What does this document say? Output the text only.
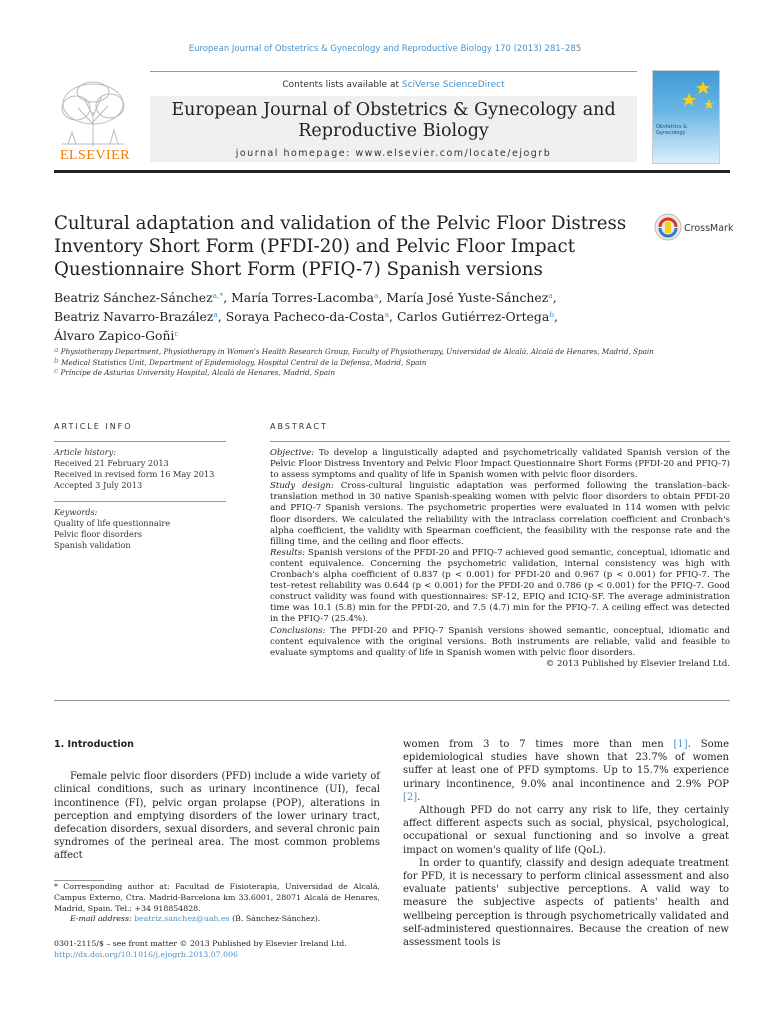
European Journal of Obstetrics & Gynecology and Reproductive Biology 170 (2013) 281–285
ELSEVIER
Contents lists available at SciVerse ScienceDirect
European Journal of Obstetrics & Gynecology and Reproductive Biology
journal homepage: www.elsevier.com/locate/ejogrb
Obstetrics & Gynecology
Cultural adaptation and validation of the Pelvic Floor Distress Inventory Short Form (PFDI-20) and Pelvic Floor Impact Questionnaire Short Form (PFIQ-7) Spanish versions
CrossMark
Beatriz Sánchez-Sánchez$^{a,*}$, María Torres-Lacomba$^a$, María José Yuste-Sánchez$^a$,
Beatriz Navarro-Brazález$^a$, Soraya Pacheco-da-Costa$^a$, Carlos Gutiérrez-Ortega$^b$,
Álvaro Zapico-Goñi$^c$
$^a$ Physiotherapy Department, Physiotherapy in Women's Health Research Group, Faculty of Physiotherapy, Universidad de Alcalá, Alcalá de Henares, Madrid, Spain
$^b$ Medical Statistics Unit, Department of Epidemiology, Hospital Central de la Defensa, Madrid, Spain
$^c$ Príncipe de Asturias University Hospital, Alcalá de Henares, Madrid, Spain
ARTICLE INFO
Article history:
Received 21 February 2013
Received in revised form 16 May 2013
Accepted 3 July 2013
Keywords:
Quality of life questionnaire
Pelvic floor disorders
Spanish validation
ABSTRACT

Objective: To develop a linguistically adapted and psychometrically validated Spanish version of the Pelvic Floor Distress Inventory and Pelvic Floor Impact Questionnaire Short Forms (PFDI-20 and PFIQ-7) to assess symptoms and quality of life in Spanish women with pelvic floor disorders.

Study design: Cross-cultural linguistic adaptation was performed following the translation–back-translation method in 30 native Spanish-speaking women with pelvic floor disorders to obtain PFDI-20 and PFIQ-7 Spanish versions. The psychometric properties were evaluated in 114 women with pelvic floor disorders. We calculated the reliability with the intraclass correlation coefficient and Cronbach's alpha coefficient, the validity with Spearman coefficient, the feasibility with the response rate and the filling time, and the ceiling and floor effects.

Results: Spanish versions of the PFDI-20 and PFIQ-7 achieved good semantic, conceptual, idiomatic and content equivalence. Concerning the psychometric validation, internal consistency was high with Cronbach's alpha coefficient of 0.837 (p < 0.001) for PFDI-20 and 0.967 (p < 0.001) for PFIQ-7. The test–retest reliability was 0.644 (p < 0.001) for the PFDI-20 and 0.786 (p < 0.001) for the PFIQ-7. Good construct validity was found with questionnaires: SF-12, EPIQ and ICIQ-SF. The average administration time was 10.1 (5.8) min for the PFDI-20, and 7.5 (4.7) min for the PFIQ-7. A ceiling effect was detected in the PFIQ-7 (25.4%).

Conclusions: The PFDI-20 and PFIQ-7 Spanish versions showed semantic, conceptual, idiomatic and content equivalence with the original versions. Both instruments are reliable, valid and feasible to evaluate symptoms and quality of life in Spanish women with pelvic floor disorders.

© 2013 Published by Elsevier Ireland Ltd.

1. Introduction

Female pelvic floor disorders (PFD) include a wide variety of clinical conditions, such as urinary incontinence (UI), fecal incontinence (FI), pelvic organ prolapse (POP), alterations in perception and emptying disorders of the lower urinary tract, defecation disorders, sexual disorders, and several chronic pain syndromes of the perineal area. The most common problems affect

women from 3 to 7 times more than men [1]. Some epidemiological studies have shown that 23.7% of women suffer at least one of PFD symptoms. Up to 15.7% experience urinary incontinence, 9.0% anal incontinence and 2.9% POP [2].

Although PFD do not carry any risk to life, they certainly affect different aspects such as social, physical, psychological, occupational or sexual functioning and so involve a great impact on women's quality of life (QoL).

In order to quantify, classify and design adequate treatment for PFD, it is necessary to perform clinical assessment and also evaluate patients' subjective perceptions. A valid way to measure the subjective aspects of patients' health and wellbeing perception is through psychometrically validated and self-administered questionnaires. Because the creation of new assessment tools is

* Corresponding author at: Facultad de Fisioterapia, Universidad de Alcalá, Campus Externo, Ctra. Madrid-Barcelona km 33.6001, 28071 Alcalá de Henares, Madrid, Spain. Tel.: +34 918854828.

E-mail address: beatriz.sanchez@uah.es (B. Sánchez-Sánchez).

0301-2115/$ – see front matter © 2013 Published by Elsevier Ireland Ltd.

http://dx.doi.org/10.1016/j.ejogrb.2013.07.006
